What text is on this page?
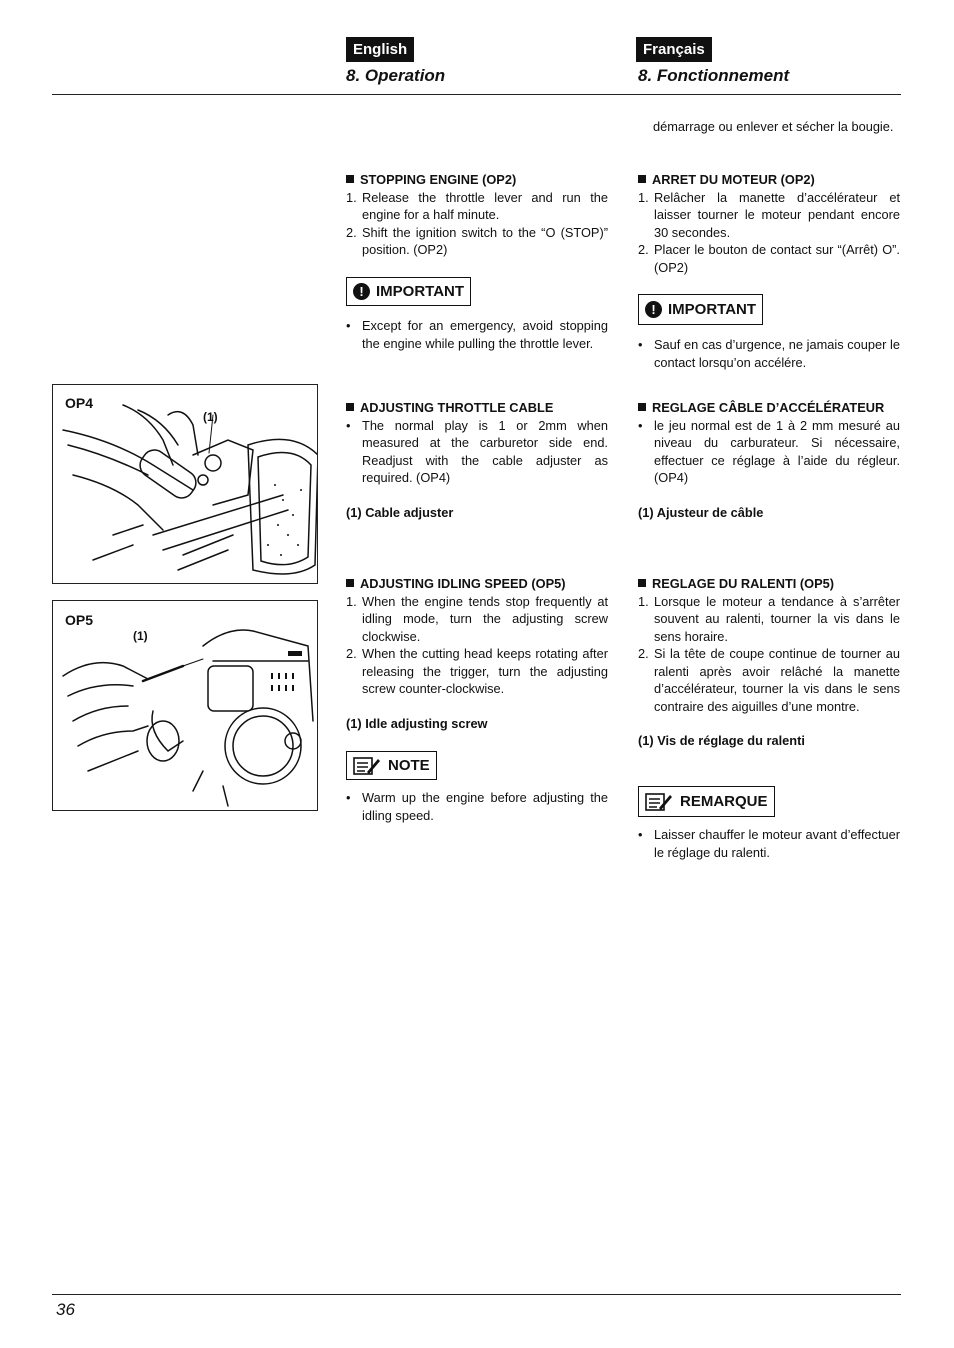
English	Français
8. Operation	8. Fonctionnement
OP4
(1)
OP5
(1)

STOPPING ENGINE (OP2)

1. Release the throttle lever and run the engine for a half minute.
2. Shift the ignition switch to the “O (STOP)” position. (OP2)
! IMPORTANT
• Except for an emergency, avoid stopping the engine while pulling the throttle lever.

ADJUSTING THROTTLE CABLE

• The normal play is 1 or 2mm when measured at the carburetor side end. Readjust with the cable adjuster as required. (OP4)

(1) Cable adjuster

ADJUSTING IDLING SPEED (OP5)

1. When the engine tends stop frequently at idling mode, turn the adjusting screw clockwise.
2. When the cutting head keeps rotating after releasing the trigger, turn the adjusting screw counter-clockwise.

(1) Idle adjusting screw

NOTE
• Warm up the engine before adjusting the idling speed.
démarrage ou enlever et sécher la bougie.

ARRET DU MOTEUR (OP2)

1. Relâcher la manette d’accélérateur et laisser tourner le moteur pendant encore 30 secondes.
2. Placer le bouton de contact sur “(Arrêt) O”. (OP2)
! IMPORTANT
• Sauf en cas d’urgence, ne jamais couper le contact lorsqu’on accélére.

REGLAGE CÂBLE D’ACCÉLÉRATEUR

• le jeu normal est de 1 à 2 mm mesuré au niveau du carburateur. Si nécessaire, effectuer ce réglage à l’aide du régleur. (OP4)

(1) Ajusteur de câble

REGLAGE DU RALENTI (OP5)

1. Lorsque le moteur a tendance à s’arrêter souvent au ralenti, tourner la vis dans le sens horaire.
2. Si la tête de coupe continue de tourner au ralenti après avoir relâché la manette d’accélérateur, tourner la vis dans le sens contraire des aiguilles d’une montre.

(1) Vis de réglage du ralenti

REMARQUE
• Laisser chauffer le moteur avant d’effectuer le réglage du ralenti.
36
